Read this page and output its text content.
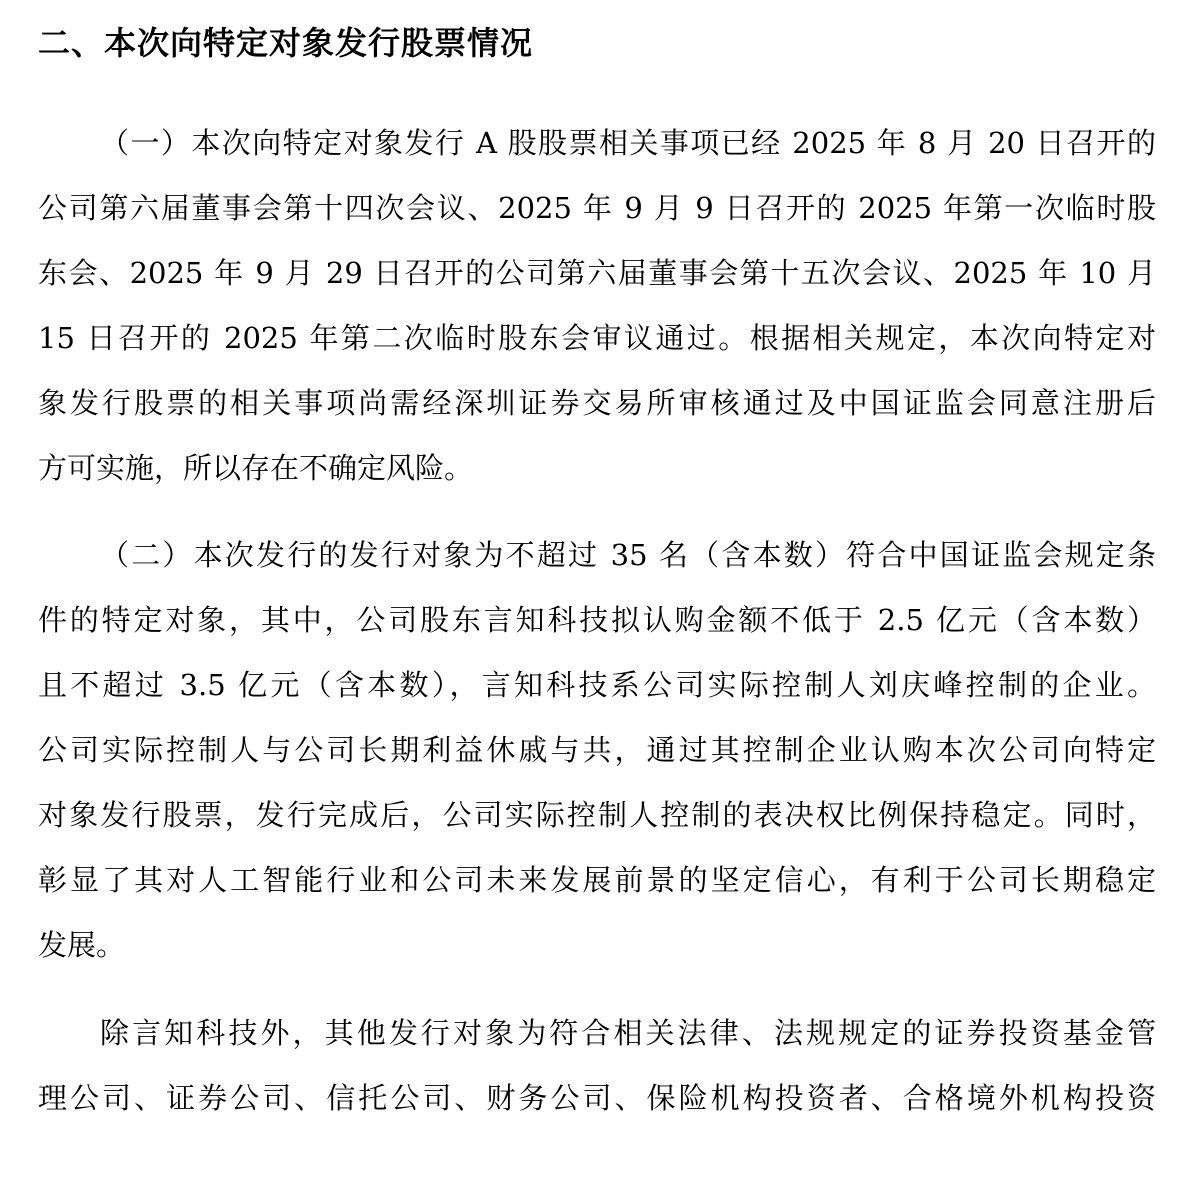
二、本次向特定对象发行股票情况
（一）本次向特定对象发行 A 股股票相关事项已经 2025 年 8 月 20 日召开的
公司第六届董事会第十四次会议、2025 年 9 月 9 日召开的 2025 年第一次临时股
东会、2025 年 9 月 29 日召开的公司第六届董事会第十五次会议、2025 年 10 月
15 日召开的 2025 年第二次临时股东会审议通过。根据相关规定，本次向特定对
象发行股票的相关事项尚需经深圳证券交易所审核通过及中国证监会同意注册后
方可实施，所以存在不确定风险。
（二）本次发行的发行对象为不超过 35 名（含本数）符合中国证监会规定条
件的特定对象，其中，公司股东言知科技拟认购金额不低于 2.5 亿元（含本数）
且不超过 3.5 亿元（含本数），言知科技系公司实际控制人刘庆峰控制的企业。
公司实际控制人与公司长期利益休戚与共，通过其控制企业认购本次公司向特定
对象发行股票，发行完成后，公司实际控制人控制的表决权比例保持稳定。同时，
彰显了其对人工智能行业和公司未来发展前景的坚定信心，有利于公司长期稳定
发展。
除言知科技外，其他发行对象为符合相关法律、法规规定的证券投资基金管
理公司、证券公司、信托公司、财务公司、保险机构投资者、合格境外机构投资
